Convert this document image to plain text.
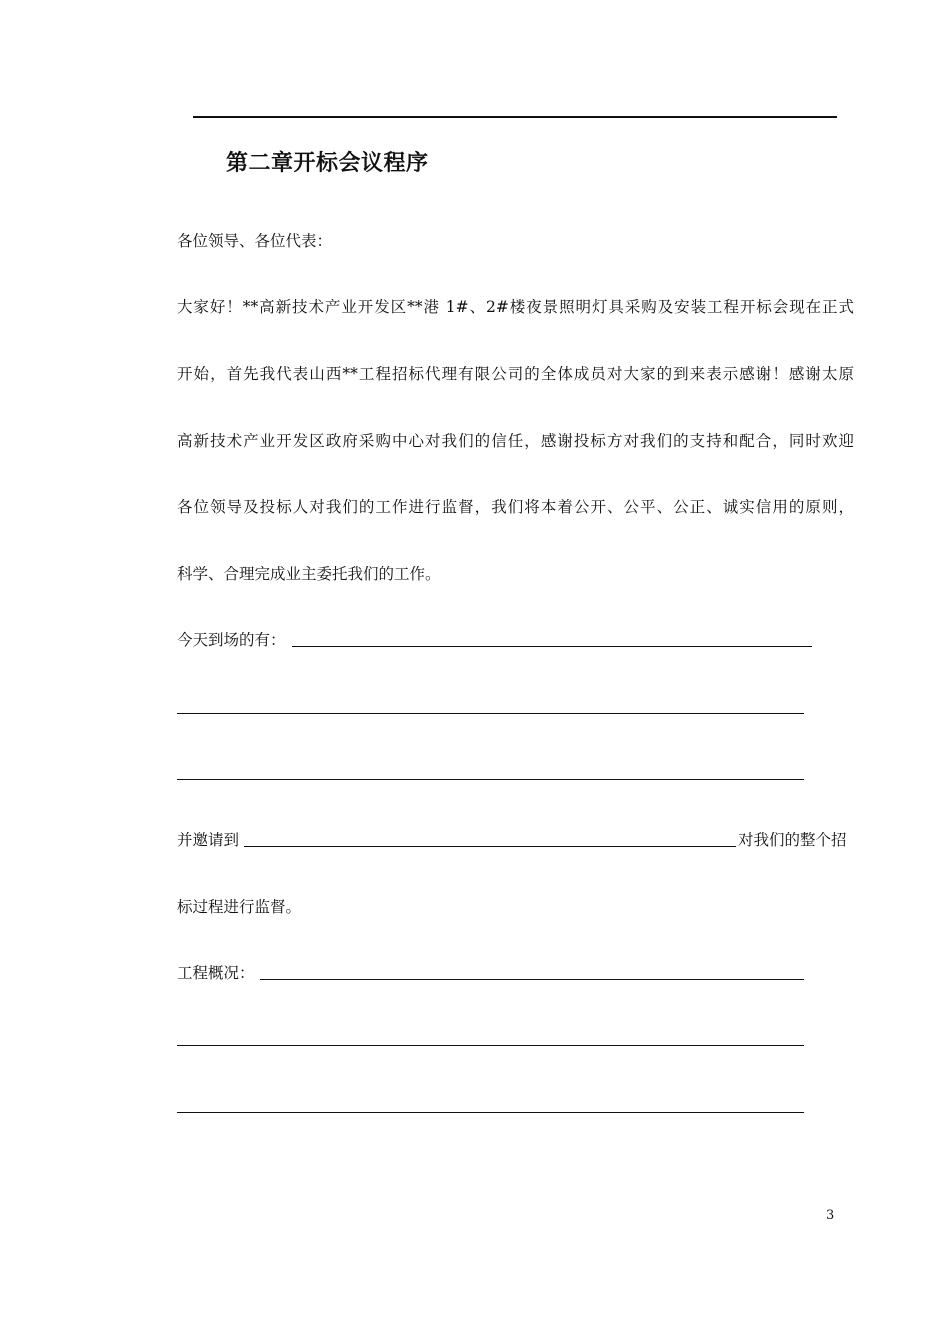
第二章开标会议程序
各位领导、各位代表：
大家好！**高新技术产业开发区**港 1#、2#楼夜景照明灯具采购及安装工程开标会现在正式
开始，首先我代表山西**工程招标代理有限公司的全体成员对大家的到来表示感谢！感谢太原
高新技术产业开发区政府采购中心对我们的信任，感谢投标方对我们的支持和配合，同时欢迎
各位领导及投标人对我们的工作进行监督，我们将本着公开、公平、公正、诚实信用的原则，
科学、合理完成业主委托我们的工作。
今天到场的有：
并邀请到	对我们的整个招
标过程进行监督。
工程概况：
3
